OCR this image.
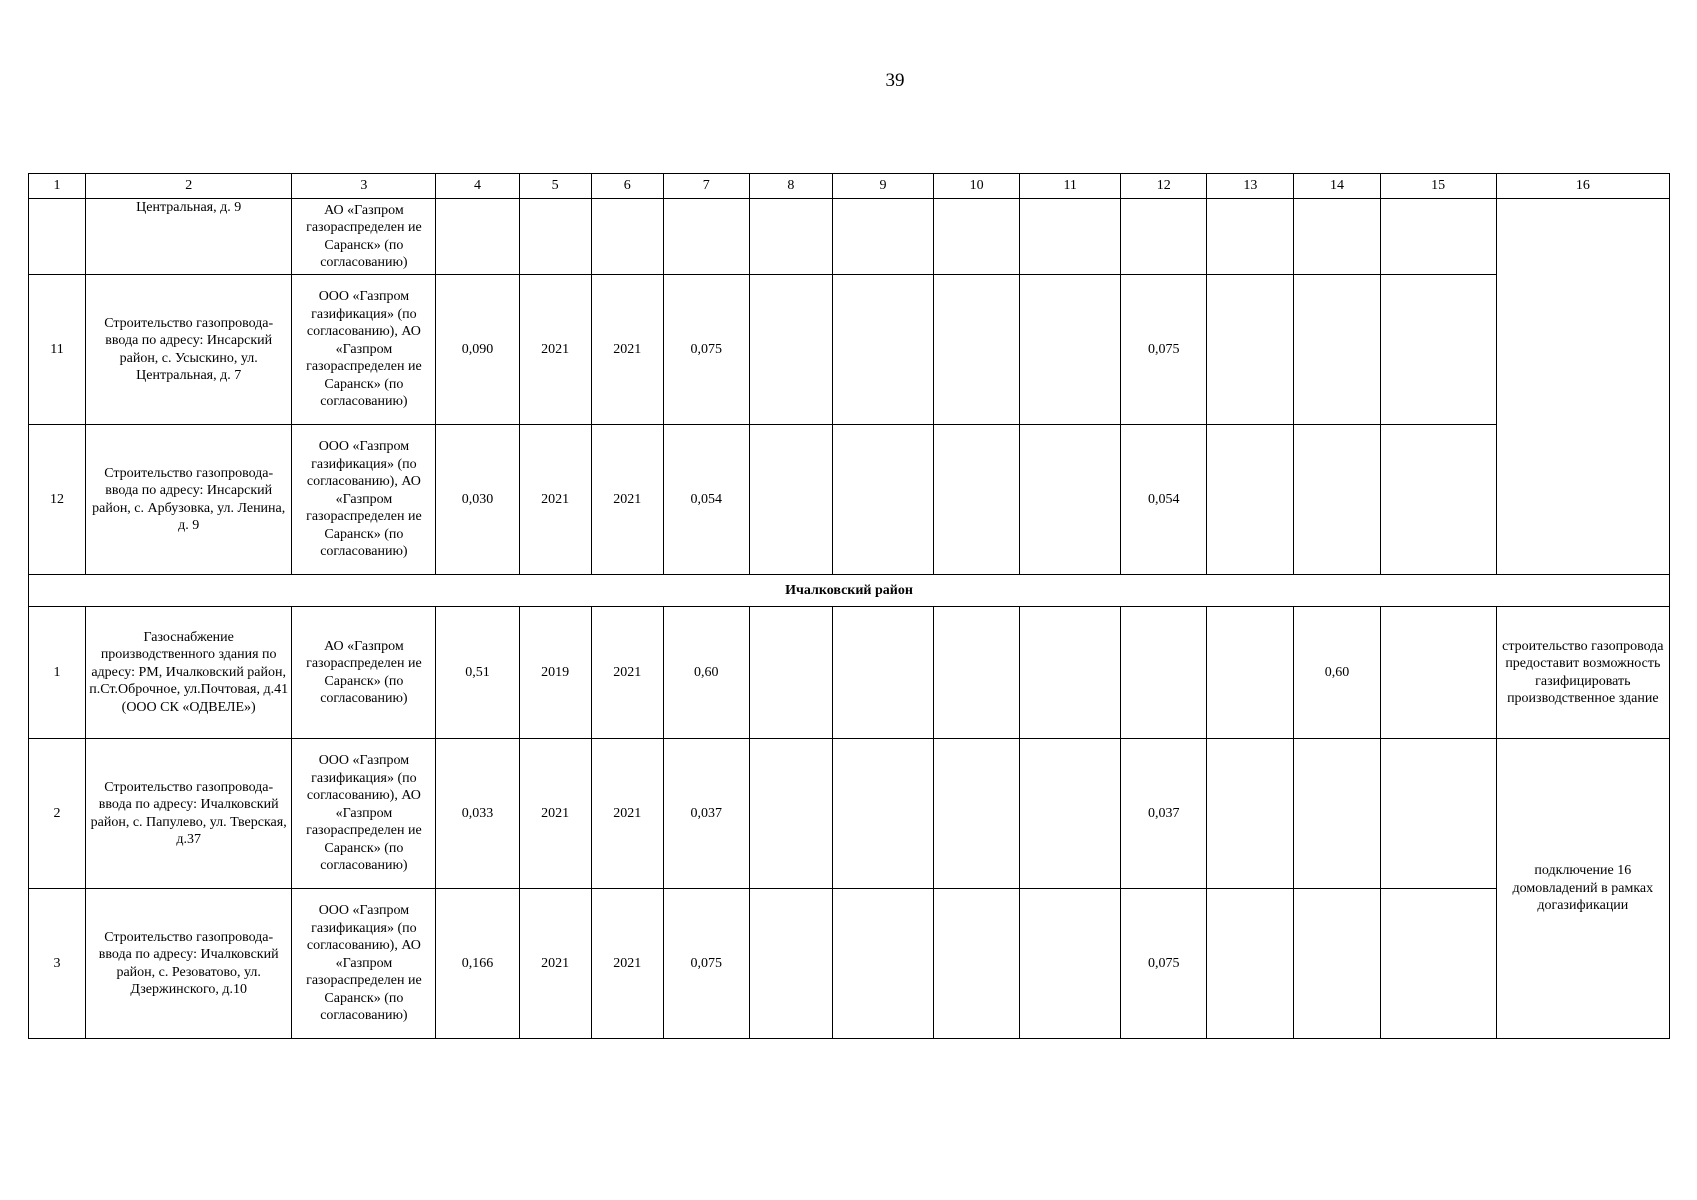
39
1	2	3	4	5	6	7	8	9	10	11	12	13	14	15	16
	Центральная, д. 9	АО «Газпром газораспределен ие Саранск» (по согласованию)													
11	Строительство газопровода-ввода по адресу: Инсарский район, с. Усыскино, ул. Центральная, д. 7	ООО «Газпром газификация» (по согласованию), АО «Газпром газораспределен ие Саранск» (по согласованию)	0,090	2021	2021	0,075					0,075				
12	Строительство газопровода-ввода по адресу: Инсарский район, с. Арбузовка, ул. Ленина, д. 9	ООО «Газпром газификация» (по согласованию), АО «Газпром газораспределен ие Саранск» (по согласованию)	0,030	2021	2021	0,054					0,054				
Ичалковский район															
1	Газоснабжение производственного здания по адресу: РМ, Ичалковский район, п.Ст.Оброчное, ул.Почтовая, д.41 (ООО СК «ОДВЕЛЕ»)	АО «Газпром газораспределен ие Саранск» (по согласованию)	0,51	2019	2021	0,60							0,60		строительство газопровода предоставит возможность газифицировать производственное здание
2	Строительство газопровода-ввода по адресу: Ичалковский район, с. Папулево, ул. Тверская, д.37	ООО «Газпром газификация» (по согласованию), АО «Газпром газораспределен ие Саранск» (по согласованию)	0,033	2021	2021	0,037					0,037				подключение 16 домовладений в рамках догазификации
3	Строительство газопровода-ввода по адресу: Ичалковский район, с. Резоватово, ул. Дзержинского, д.10	ООО «Газпром газификация» (по согласованию), АО «Газпром газораспределен ие Саранск» (по согласованию)	0,166	2021	2021	0,075					0,075				
